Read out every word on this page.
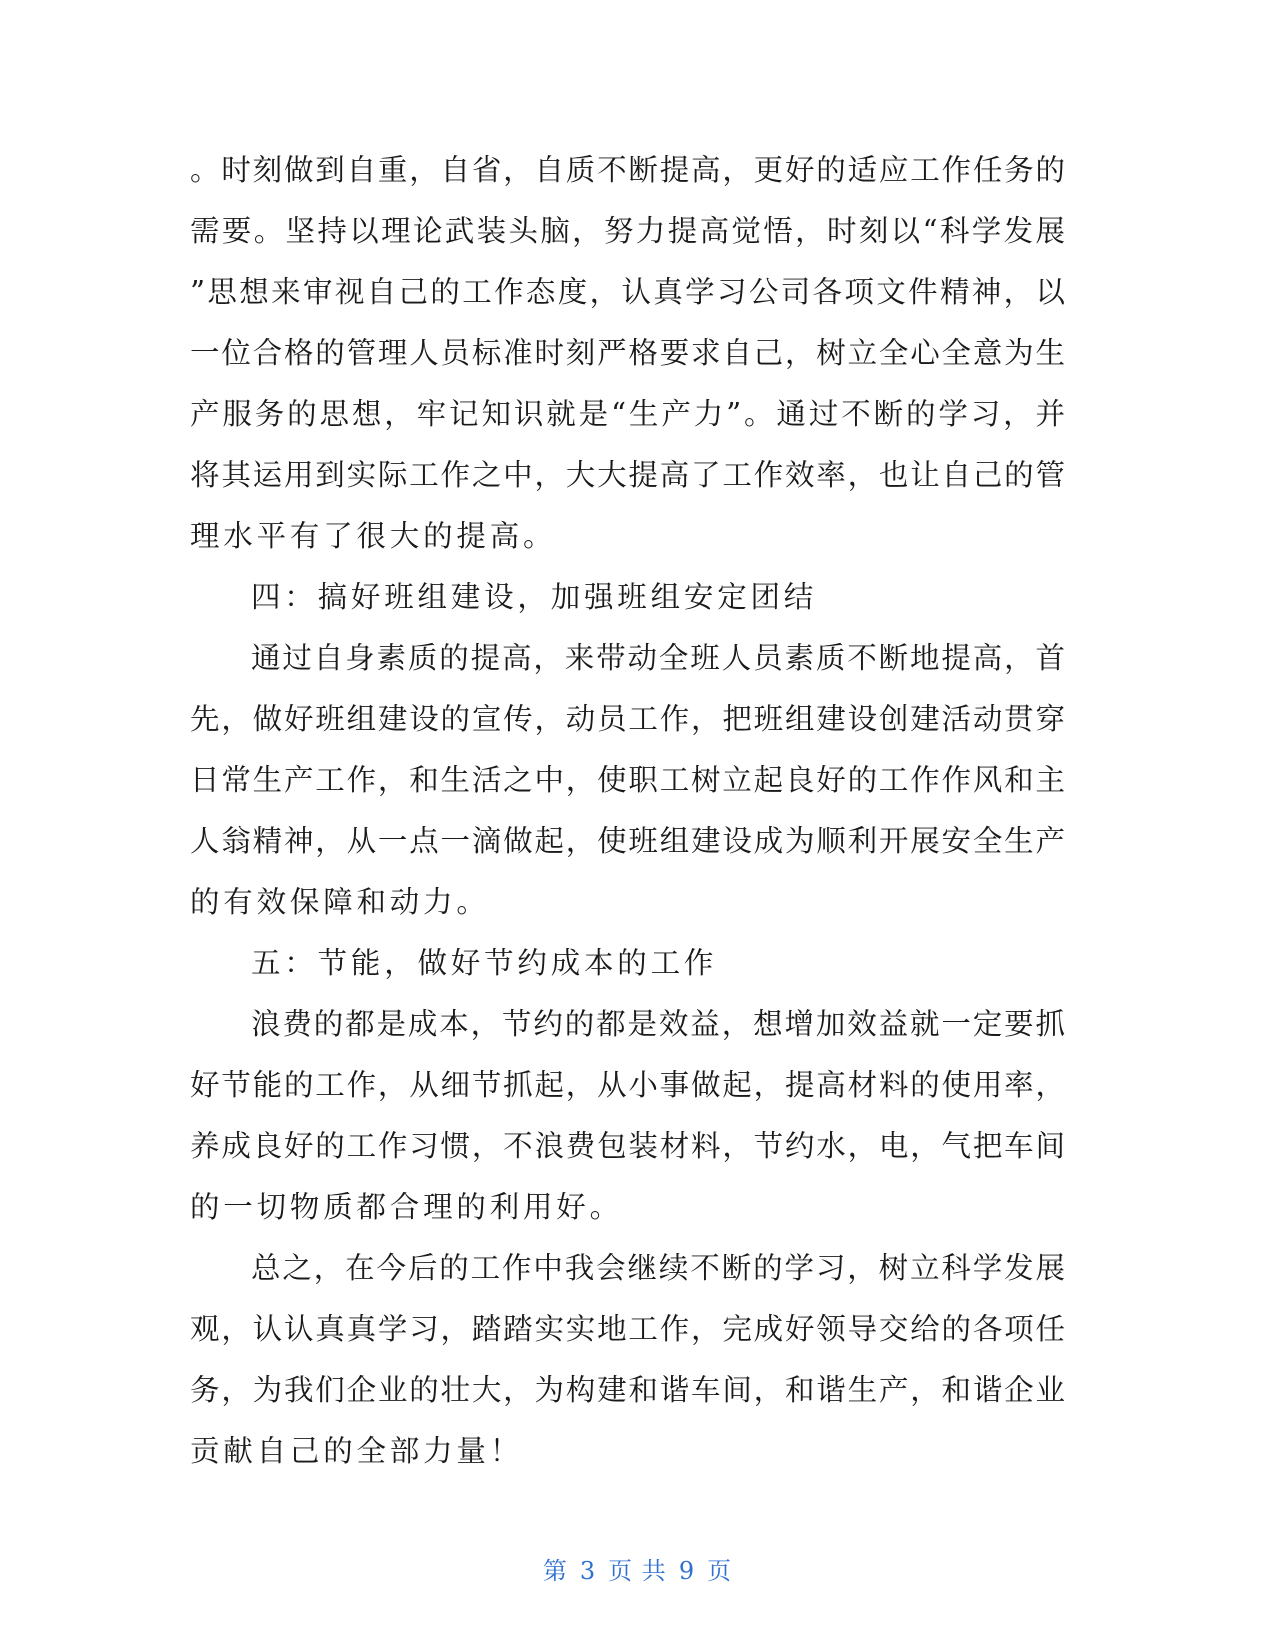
。时刻做到自重，自省，自质不断提高，更好的适应工作任务的
需要。坚持以理论武装头脑，努力提高觉悟，时刻以“科学发展
”思想来审视自己的工作态度，认真学习公司各项文件精神，以
一位合格的管理人员标准时刻严格要求自己，树立全心全意为生
产服务的思想，牢记知识就是“生产力”。通过不断的学习，并
将其运用到实际工作之中，大大提高了工作效率，也让自己的管
理水平有了很大的提高。
四：搞好班组建设，加强班组安定团结
通过自身素质的提高，来带动全班人员素质不断地提高，首
先，做好班组建设的宣传，动员工作，把班组建设创建活动贯穿
日常生产工作，和生活之中，使职工树立起良好的工作作风和主
人翁精神，从一点一滴做起，使班组建设成为顺利开展安全生产
的有效保障和动力。
五：节能，做好节约成本的工作
浪费的都是成本，节约的都是效益，想增加效益就一定要抓
好节能的工作，从细节抓起，从小事做起，提高材料的使用率，
养成良好的工作习惯，不浪费包装材料，节约水，电，气把车间
的一切物质都合理的利用好。
总之，在今后的工作中我会继续不断的学习，树立科学发展
观，认认真真学习，踏踏实实地工作，完成好领导交给的各项任
务，为我们企业的壮大，为构建和谐车间，和谐生产，和谐企业
贡献自己的全部力量！
第 3 页 共 9 页
